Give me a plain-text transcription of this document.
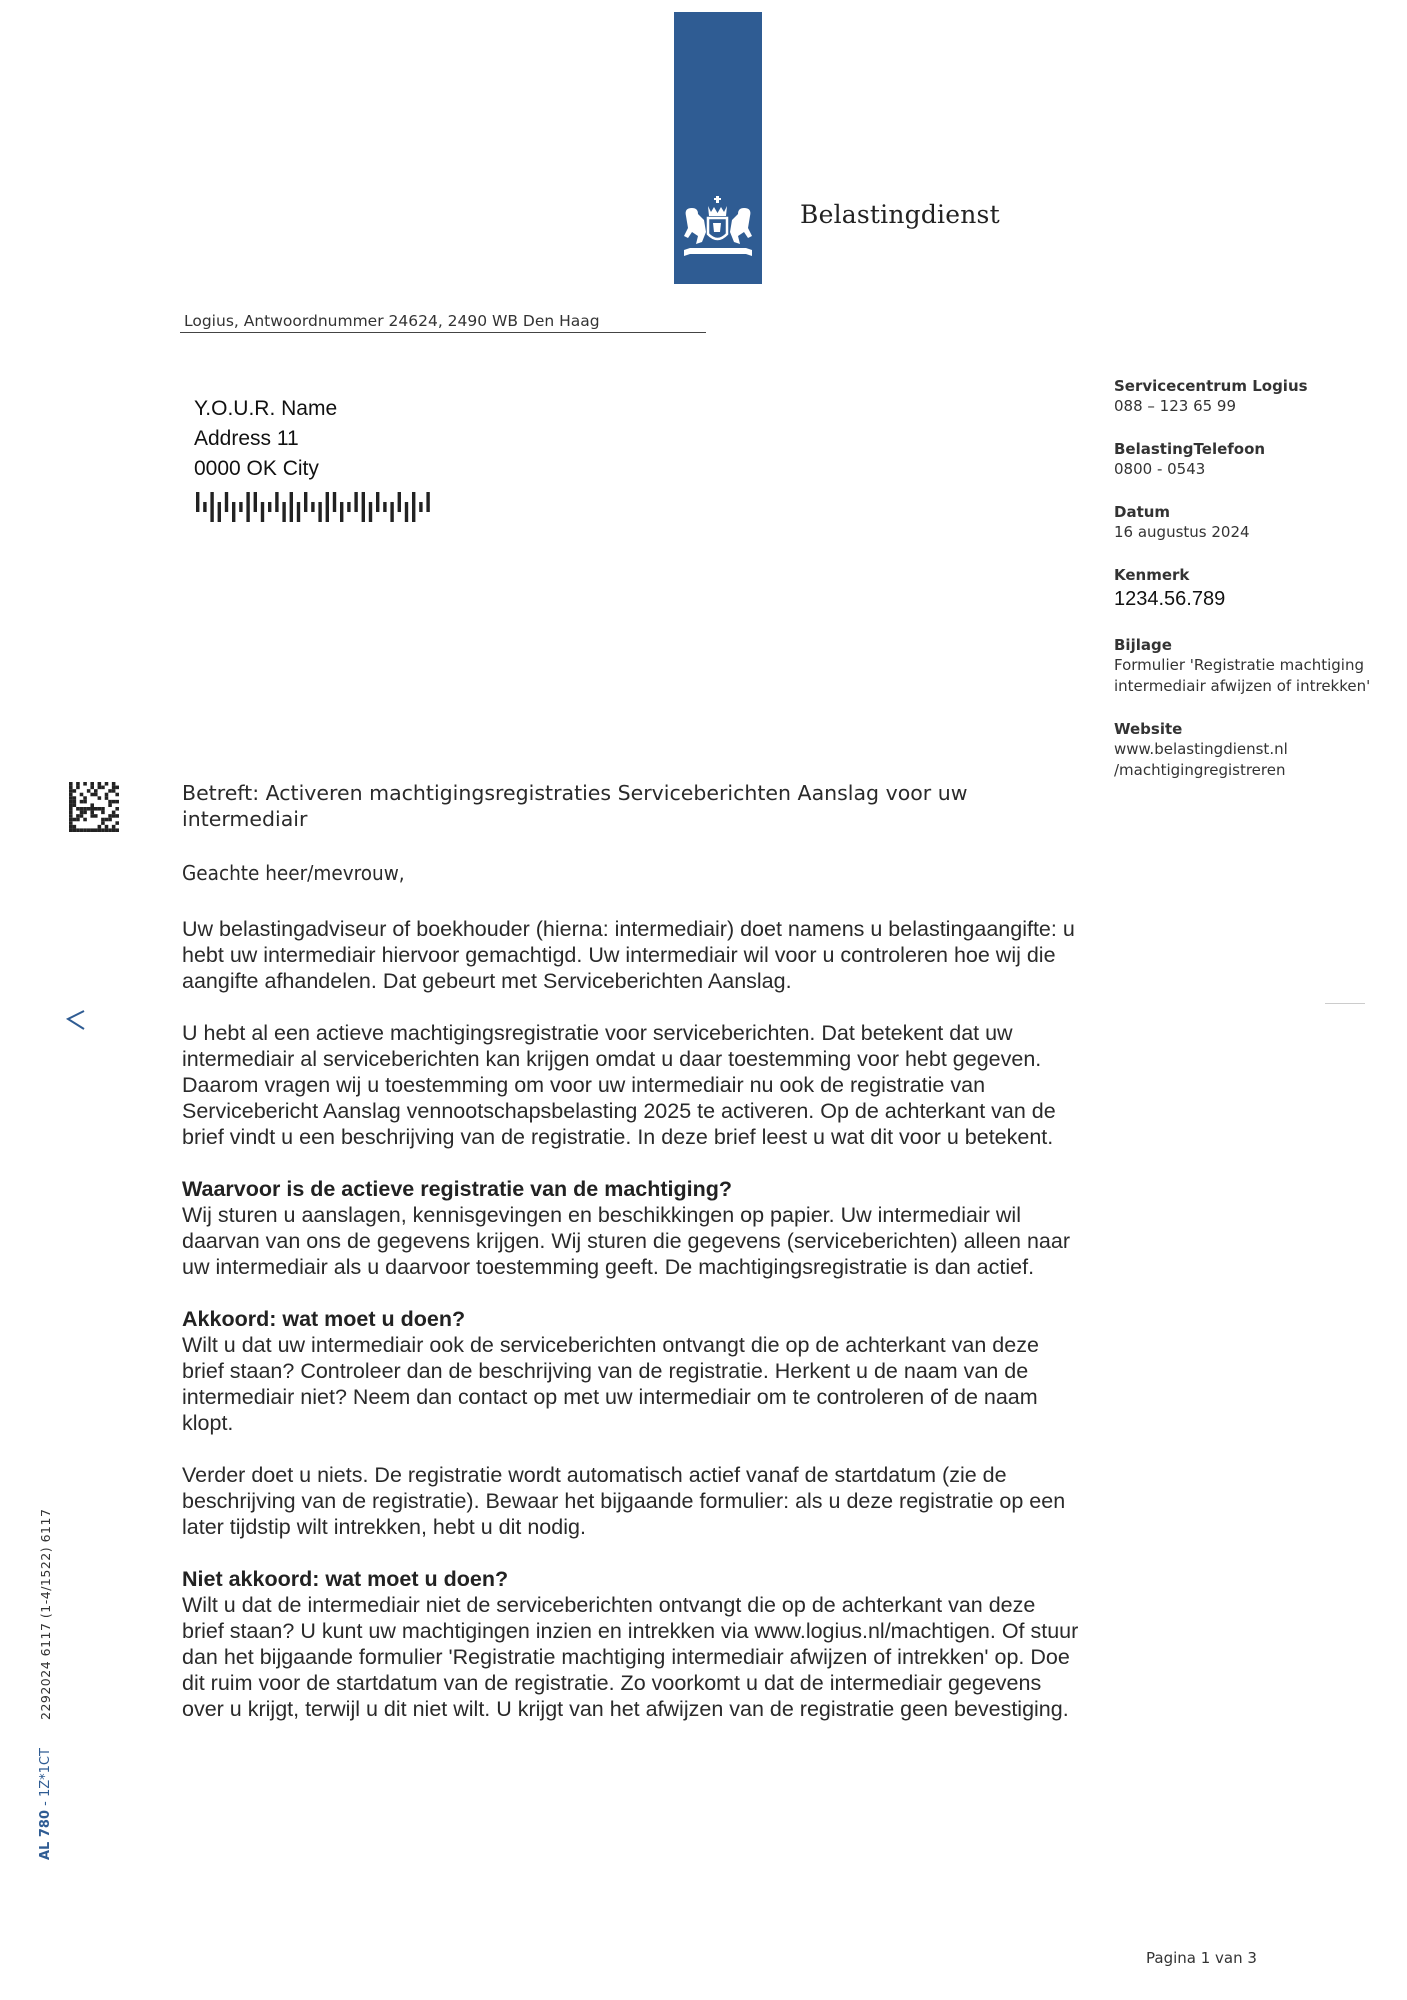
Belastingdienst
Logius, Antwoordnummer 24624, 2490 WB Den Haag
Y.O.U.R. Name
Address 11
0000 OK City
Servicecentrum Logius
088 – 123 65 99
BelastingTelefoon
0800 - 0543
Datum
16 augustus 2024
Kenmerk
1234.56.789
Bijlage
Formulier 'Registratie machtiging
intermediair afwijzen of intrekken'
Website
www.belastingdienst.nl
/machtigingregistreren
Betreft: Activeren machtigingsregistraties Serviceberichten Aanslag voor uw intermediair

Geachte heer/mevrouw,

Uw belastingadviseur of boekhouder (hierna: intermediair) doet namens u belastingaangifte: u hebt uw intermediair hiervoor gemachtigd. Uw intermediair wil voor u controleren hoe wij die aangifte afhandelen. Dat gebeurt met Serviceberichten Aanslag.

U hebt al een actieve machtigingsregistratie voor serviceberichten. Dat betekent dat uw intermediair al serviceberichten kan krijgen omdat u daar toestemming voor hebt gegeven. Daarom vragen wij u toestemming om voor uw intermediair nu ook de registratie van Servicebericht Aanslag vennootschapsbelasting 2025 te activeren. Op de achterkant van de brief vindt u een beschrijving van de registratie. In deze brief leest u wat dit voor u betekent.

Waarvoor is de actieve registratie van de machtiging?

Wij sturen u aanslagen, kennisgevingen en beschikkingen op papier. Uw intermediair wil daarvan van ons de gegevens krijgen. Wij sturen die gegevens (serviceberichten) alleen naar uw intermediair als u daarvoor toestemming geeft. De machtigingsregistratie is dan actief.

Akkoord: wat moet u doen?

Wilt u dat uw intermediair ook de serviceberichten ontvangt die op de achterkant van deze brief staan? Controleer dan de beschrijving van de registratie. Herkent u de naam van de intermediair niet? Neem dan contact op met uw intermediair om te controleren of de naam klopt.

Verder doet u niets. De registratie wordt automatisch actief vanaf de startdatum (zie de beschrijving van de registratie). Bewaar het bijgaande formulier: als u deze registratie op een later tijdstip wilt intrekken, hebt u dit nodig.

Niet akkoord: wat moet u doen?

Wilt u dat de intermediair niet de serviceberichten ontvangt die op de achterkant van deze brief staan? U kunt uw machtigingen inzien en intrekken via www.logius.nl/machtigen. Of stuur dan het bijgaande formulier 'Registratie machtiging intermediair afwijzen of intrekken' op. Doe dit ruim voor de startdatum van de registratie. Zo voorkomt u dat de intermediair gegevens over u krijgt, terwijl u dit niet wilt. U krijgt van het afwijzen van de registratie geen bevestiging.

2292024 6117 (1-4/1522) 6117
AL 780 - 1Z*1CT
Pagina 1 van 3
